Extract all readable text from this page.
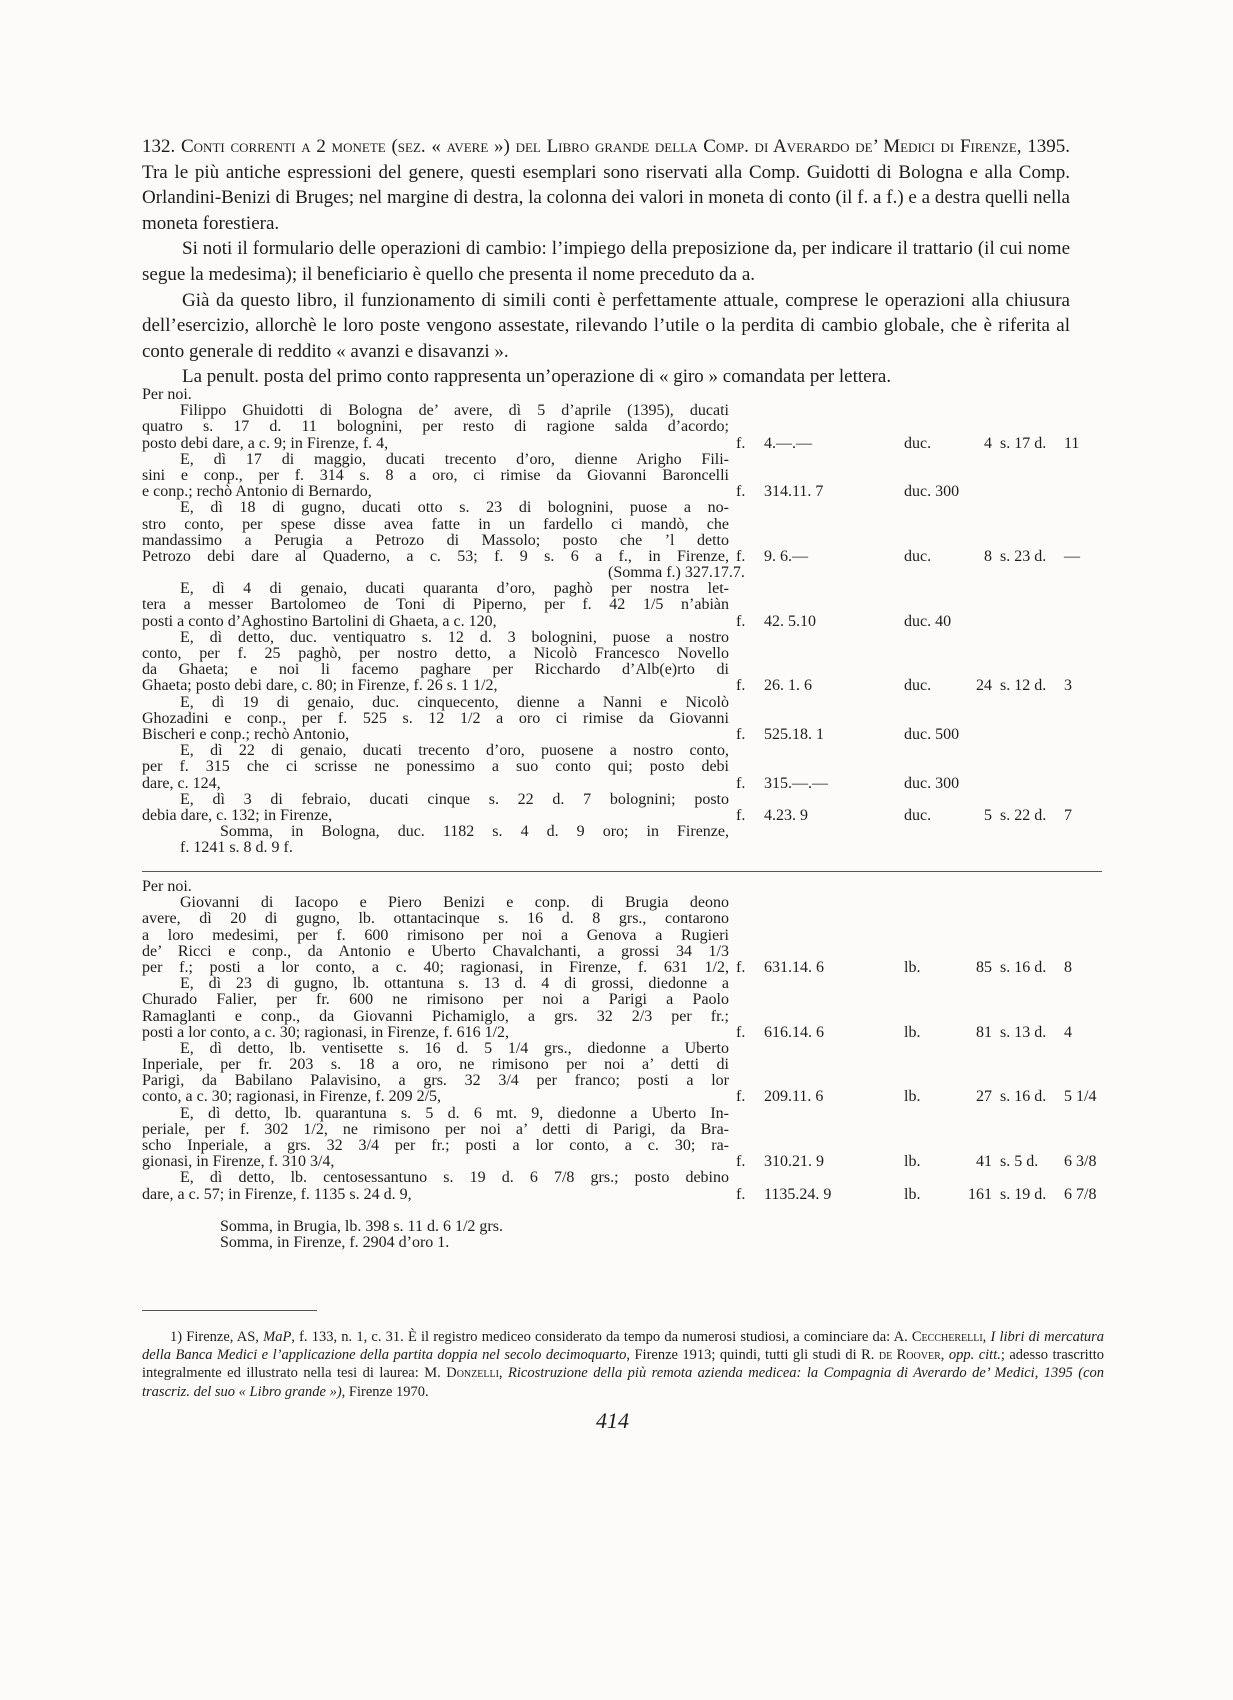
132. Conti correnti a 2 monete (sez. « avere ») del Libro grande della Comp. di Averardo de’ Medici di Firenze, 1395. Tra le più antiche espressioni del genere, questi esemplari sono riservati alla Comp. Guidotti di Bologna e alla Comp. Orlandini-Benizi di Bruges; nel margine di destra, la colonna dei valori in moneta di conto (il f. a f.) e a destra quelli nella moneta forestiera.

Si noti il formulario delle operazioni di cambio: l’impiego della preposizione da, per indicare il trattario (il cui nome segue la medesima); il beneficiario è quello che presenta il nome preceduto da a.

Già da questo libro, il funzionamento di simili conti è perfettamente attuale, comprese le operazioni alla chiusura dell’esercizio, allorchè le loro poste vengono assestate, rilevando l’utile o la perdita di cambio globale, che è riferita al conto generale di reddito « avanzi e disavanzi ».

La penult. posta del primo conto rappresenta un’operazione di « giro » comandata per lettera.

Per noi.
Filippo Ghuidotti di Bologna de’ avere, dì 5 d’aprile (1395), ducati
quatro s. 17 d. 11 bolognini, per resto di ragione salda d’acordo;
posto debi dare, a c. 9; in Firenze, f. 4,	f. 4.—.—	duc.	4 s. 17 d.	11
E, dì 17 di maggio, ducati trecento d’oro, dienne Arigho Fili-
sini e conp., per f. 314 s. 8 a oro, ci rimise da Giovanni Baroncelli
e conp.; rechò Antonio di Bernardo,	f. 314.11. 7	duc. 300
E, dì 18 di gugno, ducati otto s. 23 di bolognini, puose a no-
stro conto, per spese disse avea fatte in un fardello ci mandò, che
mandassimo a Perugia a Petrozo di Massolo; posto che ’l detto
Petrozo debi dare al Quaderno, a c. 53; f. 9 s. 6 a f., in Firenze, f. 9. 6.—	duc.	8 s. 23 d.	—
(Somma f.) 327.17.7.
E, dì 4 di genaio, ducati quaranta d’oro, paghò per nostra let-
tera a messer Bartolomeo de Toni di Piperno, per f. 42 1/5 n’abiàn
posti a conto d’Aghostino Bartolini di Ghaeta, a c. 120,	f. 42. 5.10	duc. 40
E, dì detto, duc. ventiquatro s. 12 d. 3 bolognini, puose a nostro
conto, per f. 25 paghò, per nostro detto, a Nicolò Francesco Novello
da Ghaeta; e noi li facemo paghare per Ricchardo d’Alb(e)rto di
Ghaeta; posto debi dare, c. 80; in Firenze, f. 26 s. 1 1/2,	f. 26. 1. 6	duc.	24 s. 12 d.	3
E, dì 19 di genaio, duc. cinquecento, dienne a Nanni e Nicolò
Ghozadini e conp., per f. 525 s. 12 1/2 a oro ci rimise da Giovanni
Bischeri e conp.; rechò Antonio,	f. 525.18. 1	duc. 500
E, dì 22 di genaio, ducati trecento d’oro, puosene a nostro conto,
per f. 315 che ci scrisse ne ponessimo a suo conto qui; posto debi
dare, c. 124,	f. 315.—.—	duc. 300
E, dì 3 di febraio, ducati cinque s. 22 d. 7 bolognini; posto
debia dare, c. 132; in Firenze,	f. 4.23. 9	duc.	5 s. 22 d.	7
Somma, in Bologna, duc. 1182 s. 4 d. 9 oro; in Firenze,
f. 1241 s. 8 d. 9 f.
Per noi.
Giovanni di Iacopo e Piero Benizi e conp. di Brugia deono
avere, dì 20 di gugno, lb. ottantacinque s. 16 d. 8 grs., contarono
a loro medesimi, per f. 600 rimisono per noi a Genova a Rugieri
de’ Ricci e conp., da Antonio e Uberto Chavalchanti, a grossi 34 1/3
per f.; posti a lor conto, a c. 40; ragionasi, in Firenze, f. 631 1/2, f. 631.14. 6	lb.	85 s. 16 d.	8
E, dì 23 di gugno, lb. ottantuna s. 13 d. 4 di grossi, diedonne a
Churado Falier, per fr. 600 ne rimisono per noi a Parigi a Paolo
Ramaglanti e conp., da Giovanni Pichamiglo, a grs. 32 2/3 per fr.;
posti a lor conto, a c. 30; ragionasi, in Firenze, f. 616 1/2,	f. 616.14. 6	lb.	81 s. 13 d.	4
E, dì detto, lb. ventisette s. 16 d. 5 1/4 grs., diedonne a Uberto
Inperiale, per fr. 203 s. 18 a oro, ne rimisono per noi a’ detti di
Parigi, da Babilano Palavisino, a grs. 32 3/4 per franco; posti a lor
conto, a c. 30; ragionasi, in Firenze, f. 209 2/5,	f. 209.11. 6	lb.	27 s. 16 d.	5 1/4
E, dì detto, lb. quarantuna s. 5 d. 6 mt. 9, diedonne a Uberto In-
periale, per f. 302 1/2, ne rimisono per noi a’ detti di Parigi, da Bra-
scho Inperiale, a grs. 32 3/4 per fr.; posti a lor conto, a c. 30; ra-
gionasi, in Firenze, f. 310 3/4,	f. 310.21. 9	lb.	41 s. 5 d.	6 3/8
E, dì detto, lb. centosessantuno s. 19 d. 6 7/8 grs.; posto debino
dare, a c. 57; in Firenze, f. 1135 s. 24 d. 9,	f. 1135.24. 9	lb.	161 s. 19 d.	6 7/8
Somma, in Brugia, lb. 398 s. 11 d. 6 1/2 grs.
Somma, in Firenze, f. 2904 d’oro 1.

1) Firenze, AS, MaP, f. 133, n. 1, c. 31. È il registro mediceo considerato da tempo da numerosi studiosi, a cominciare da: A. Ceccherelli, I libri di mercatura della Banca Medici e l’applicazione della partita doppia nel secolo decimoquarto, Firenze 1913; quindi, tutti gli studi di R. de Roover, opp. citt.; adesso trascritto integralmente ed illustrato nella tesi di laurea: M. Donzelli, Ricostruzione della più remota azienda medicea: la Compagnia di Averardo de’ Medici, 1395 (con trascriz. del suo « Libro grande »), Firenze 1970.

414
